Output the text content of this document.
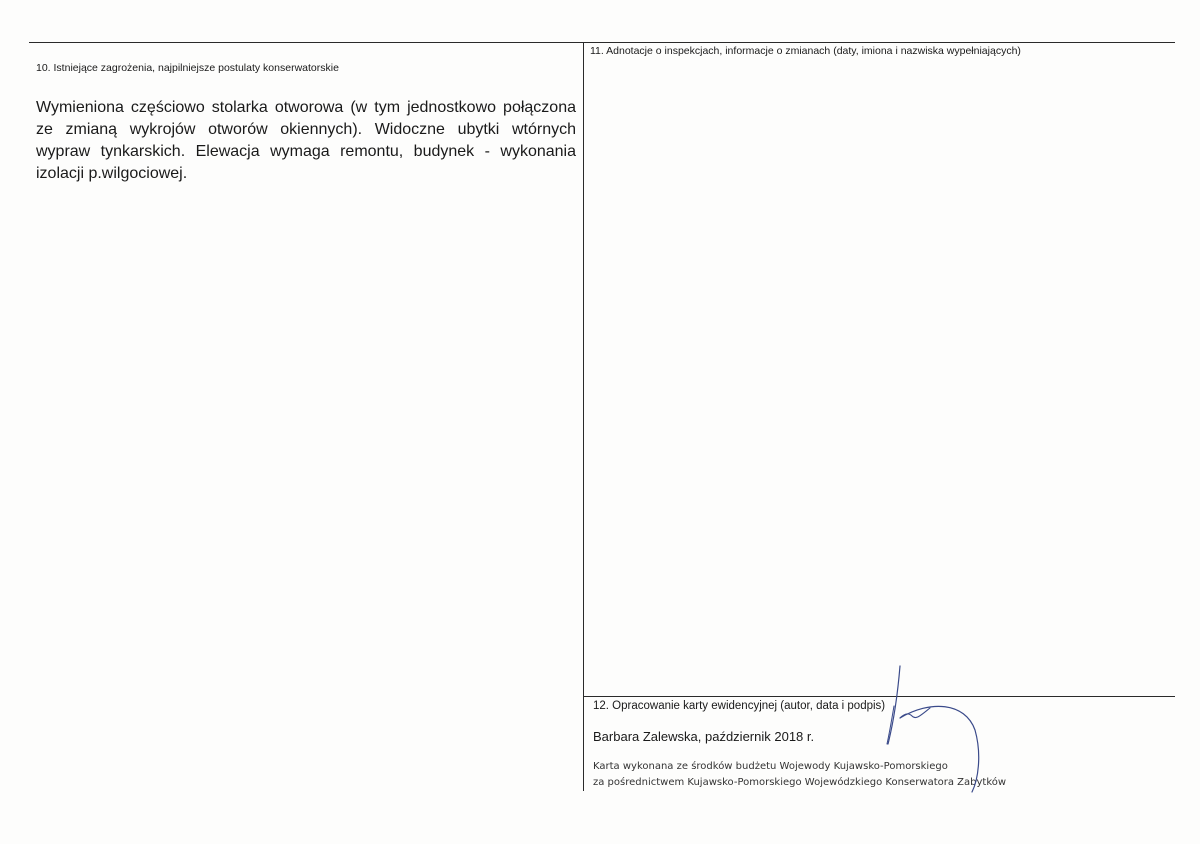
10. Istniejące zagrożenia, najpilniejsze postulaty konserwatorskie

Wymieniona częściowo stolarka otworowa (w tym jednostkowo połączona ze zmianą wykrojów otworów okiennych). Widoczne ubytki wtórnych wypraw tynkarskich. Elewacja wymaga remontu, budynek - wykonania izolacji p.wilgociowej.

11. Adnotacje o inspekcjach, informacje o zmianach (daty, imiona i nazwiska wypełniających)
12. Opracowanie karty ewidencyjnej (autor, data i podpis)
Barbara Zalewska, październik 2018 r.
Karta wykonana ze środków budżetu Wojewody Kujawsko-Pomorskiego
za pośrednictwem Kujawsko-Pomorskiego Wojewódzkiego Konserwatora Zabytków
